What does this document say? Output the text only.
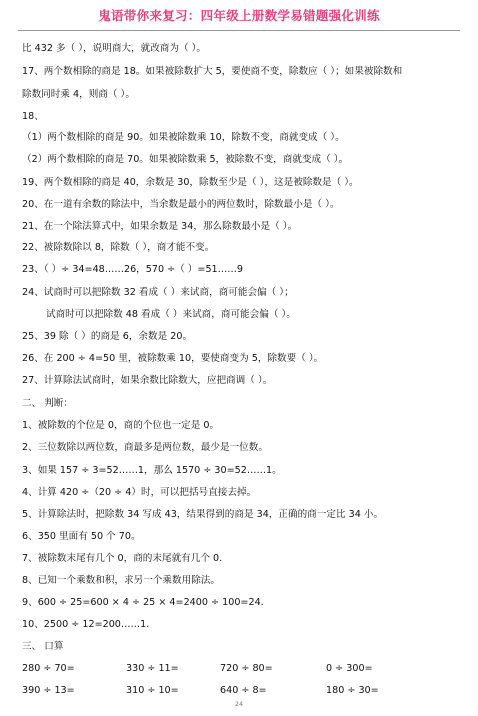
鬼语带你来复习：四年级上册数学易错题强化训练
比 432 多（ ），说明商大，就改商为（ ）。
17、两个数相除的商是 18。如果被除数扩大 5，要使商不变，除数应（ ）；如果被除数和
除数同时乘 4，则商（ ）。
18、
（1）两个数相除的商是 90。如果被除数乘 10，除数不变，商就变成（ ）。
（2）两个数相除的商是 70。如果被除数乘 5，被除数不变，商就变成（ ）。
19、两个数相除的商是 40，余数是 30，除数至少是（ ），这是被除数是（ ）。
20、在一道有余数的除法中，当余数是最小的两位数时，除数最小是（ ）。
21、在一个除法算式中，如果余数是 34，那么除数最小是（ ）。
22、被除数除以 8，除数（ ），商才能不变。
23、（ ）÷ 34=48……26，570 ÷（ ）=51……9
24、试商时可以把除数 32 看成（ ）来试商，商可能会偏（ ）；
试商时可以把除数 48 看成（ ）来试商，商可能会偏（ ）。
25、39 除（ ）的商是 6，余数是 20。
26、在 200 ÷ 4=50 里，被除数乘 10，要使商变为 5，除数要（ ）。
27、计算除法试商时，如果余数比除数大，应把商调（ ）。
二、 判断：
1、被除数的个位是 0，商的个位也一定是 0。
2、三位数除以两位数，商最多是两位数，最少是一位数。
3、如果 157 ÷ 3=52……1，那么 1570 ÷ 30=52……1。
4、计算 420 ÷（20 ÷ 4）时，可以把括号直接去掉。
5、计算除法时，把除数 34 写成 43，结果得到的商是 34，正确的商一定比 34 小。
6、350 里面有 50 个 70。
7、被除数末尾有几个 0，商的末尾就有几个 0.
8、已知一个乘数和积，求另一个乘数用除法。
9、600 ÷ 25=600 × 4 ÷ 25 × 4=2400 ÷ 100=24.
10、2500 ÷ 12=200……1.
三、 口算
280 ÷ 70=	330 ÷ 11=	720 ÷ 80=	0 ÷ 300=
390 ÷ 13=	310 ÷ 10=	640 ÷ 8=	180 ÷ 30=
24
